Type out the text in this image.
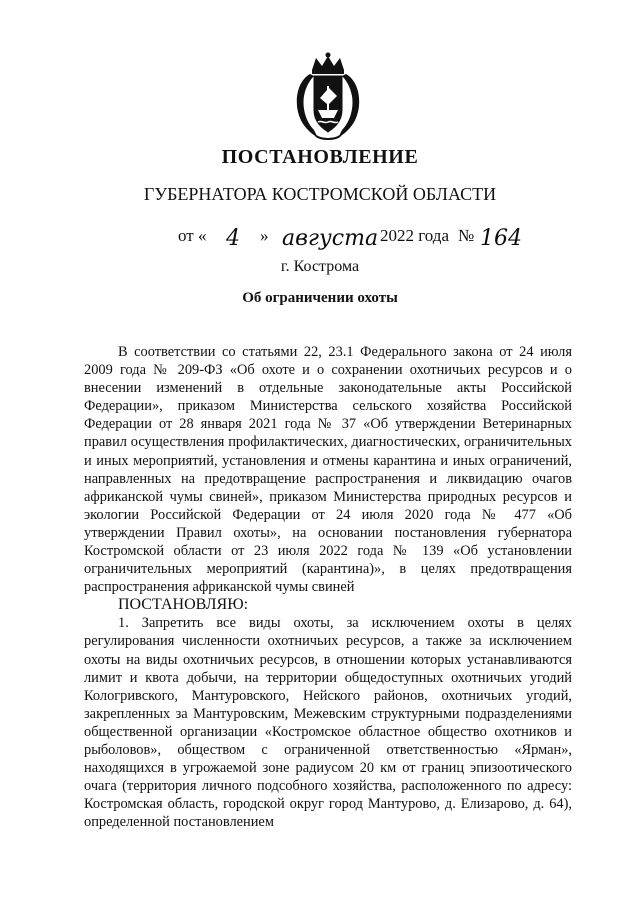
ПОСТАНОВЛЕНИЕ
ГУБЕРНАТОРА КОСТРОМСКОЙ ОБЛАСТИ
от « 4 » августа 2022 года № 164
г. Кострома
Об ограничении охоты

В соответствии со статьями 22, 23.1 Федерального закона от 24 июля 2009 года № 209-ФЗ «Об охоте и о сохранении охотничьих ресурсов и о внесении изменений в отдельные законодательные акты Российской Федерации», приказом Министерства сельского хозяйства Российской Федерации от 28 января 2021 года № 37 «Об утверждении Ветеринарных правил осуществления профилактических, диагностических, ограничительных и иных мероприятий, установления и отмены карантина и иных ограничений, направленных на предотвращение распространения и ликвидацию очагов африканской чумы свиней», приказом Министерства природных ресурсов и экологии Российской Федерации от 24 июля 2020 года № 477 «Об утверждении Правил охоты», на основании постановления губернатора Костромской области от 23 июля 2022 года № 139 «Об установлении ограничительных мероприятий (карантина)», в целях предотвращения распространения африканской чумы свиней

ПОСТАНОВЛЯЮ:

1. Запретить все виды охоты, за исключением охоты в целях регулирования численности охотничьих ресурсов, а также за исключением охоты на виды охотничьих ресурсов, в отношении которых устанавливаются лимит и квота добычи, на территории общедоступных охотничьих угодий Кологривского, Мантуровского, Нейского районов, охотничьих угодий, закрепленных за Мантуровским, Межевским структурными подразделениями общественной организации «Костромское областное общество охотников и рыболовов», обществом с ограниченной ответственностью «Ярман», находящихся в угрожаемой зоне радиусом 20 км от границ эпизоотического очага (территория личного подсобного хозяйства, расположенного по адресу: Костромская область, городской округ город Мантурово, д. Елизарово, д. 64), определенной постановлением
